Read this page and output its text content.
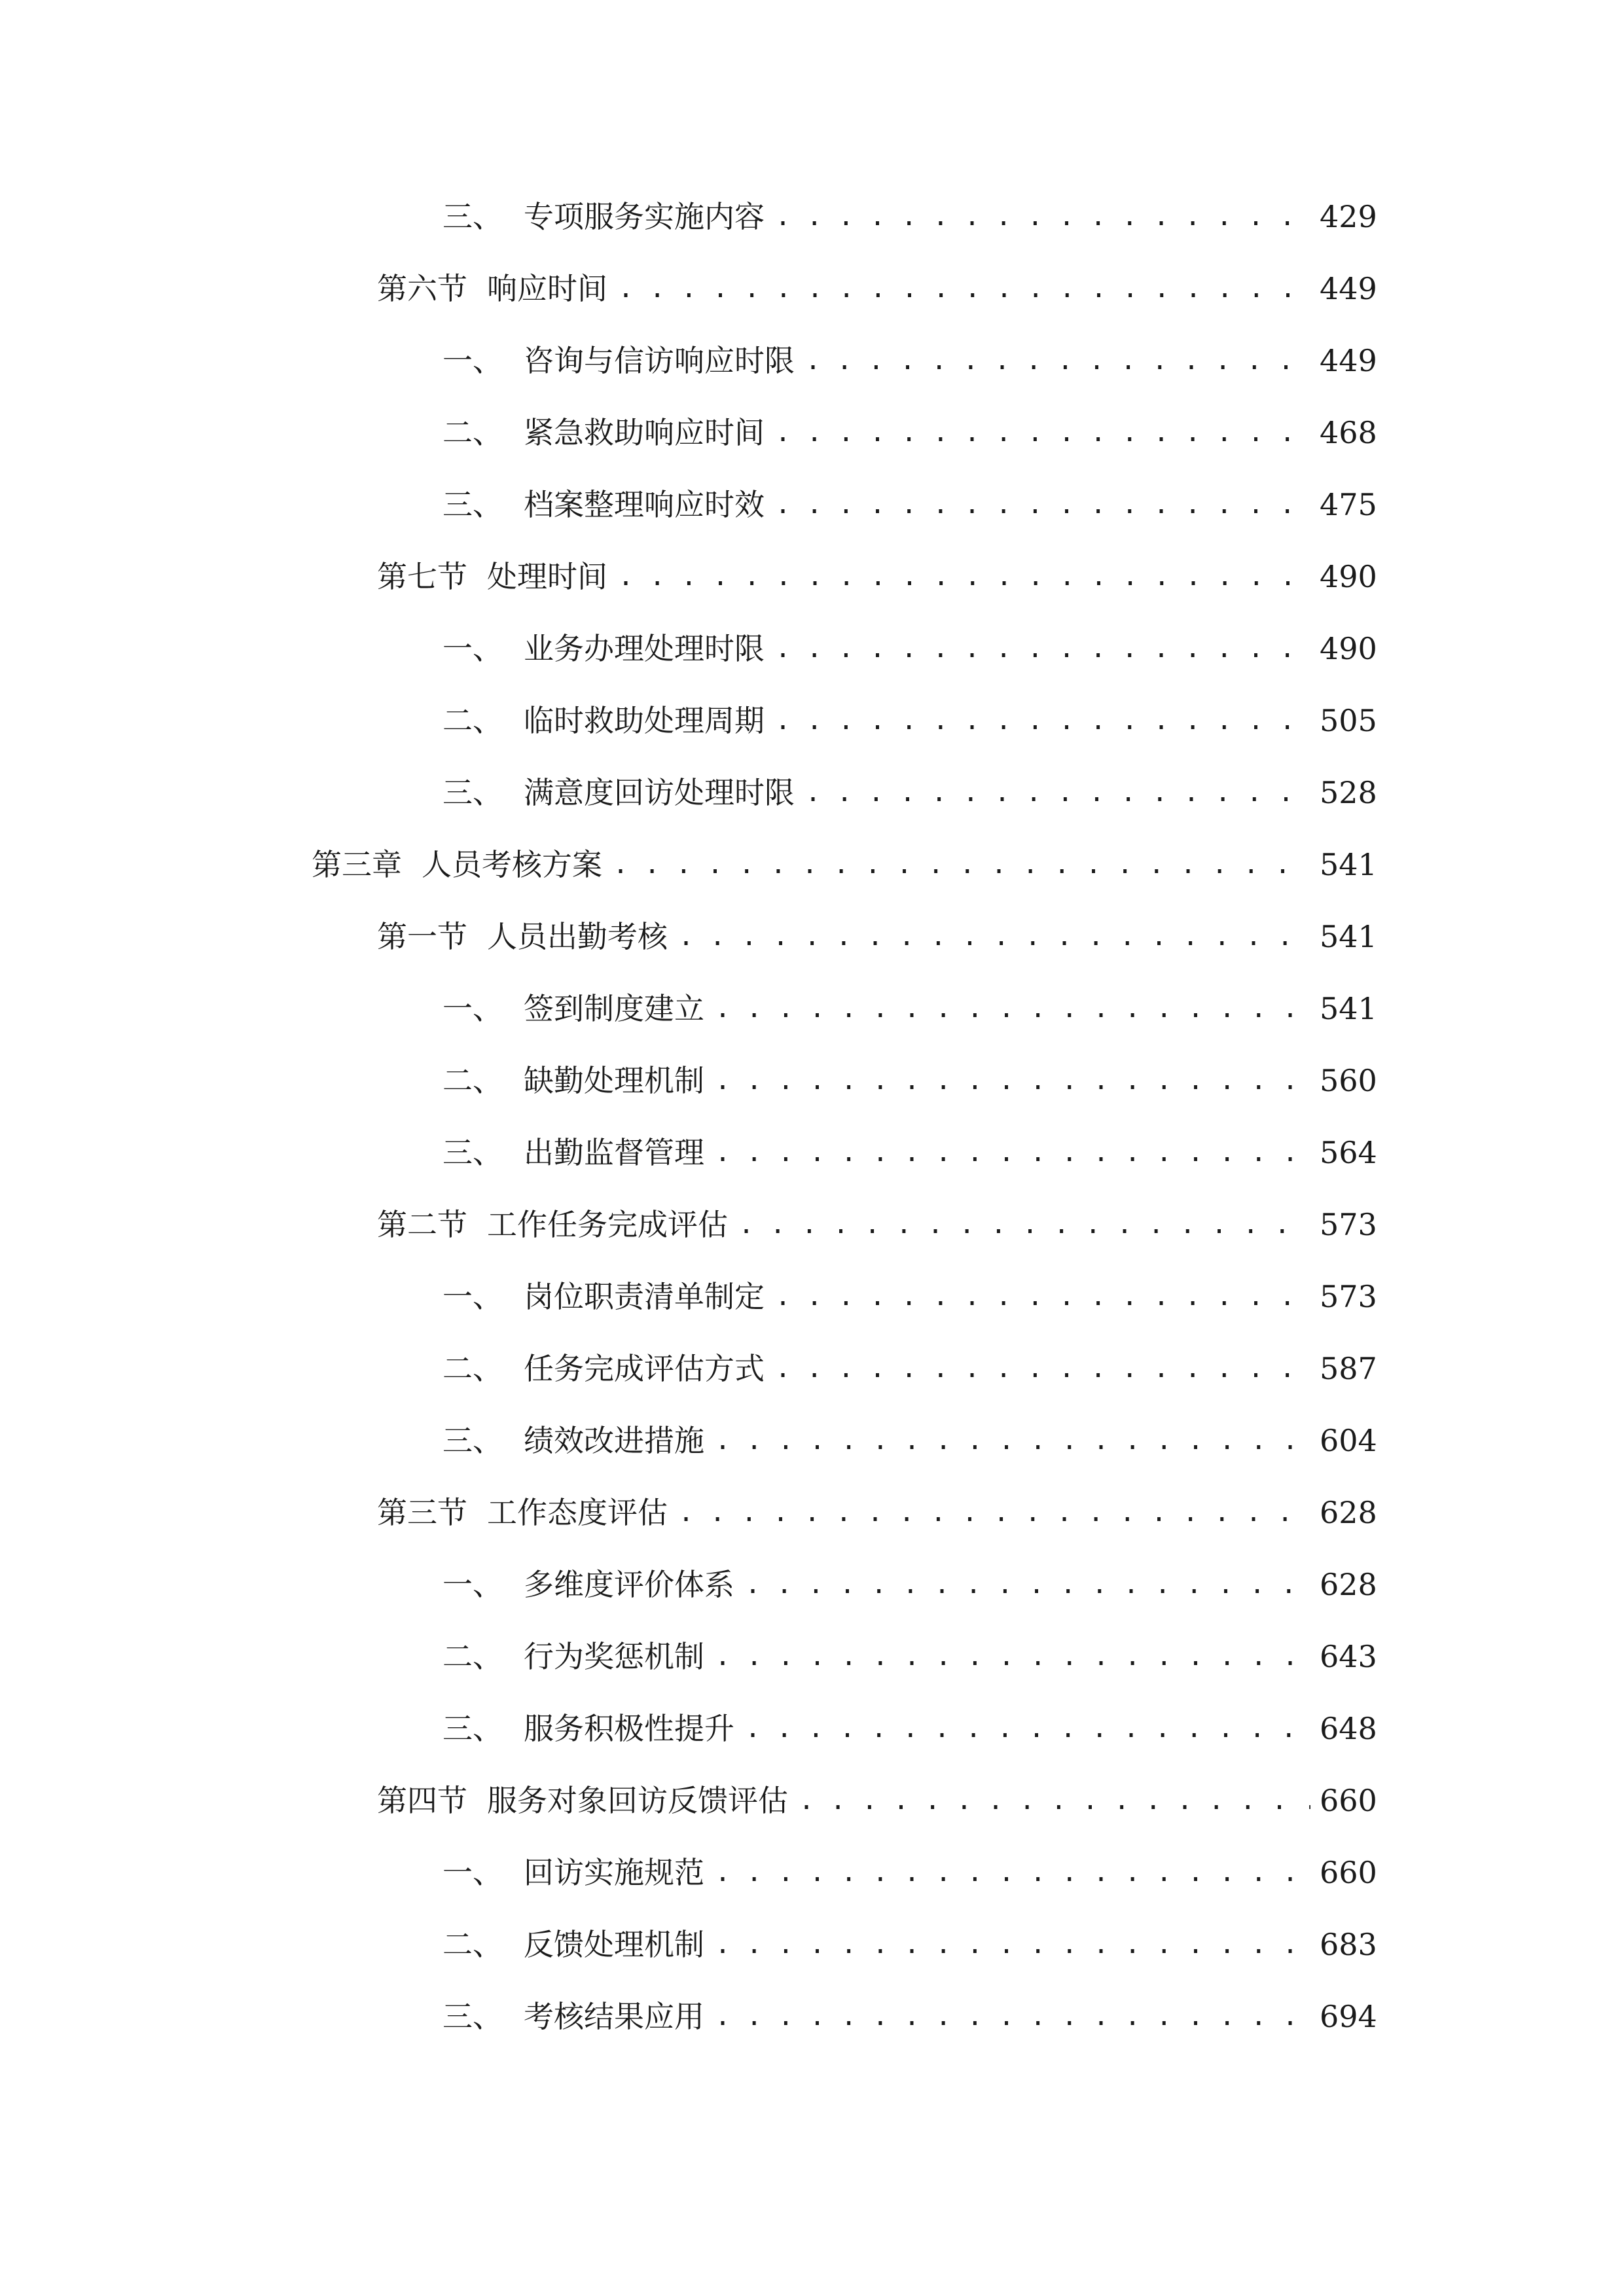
三、 专项服务实施内容 . . .	429
第六节 响应时间 . . .	449
一、 咨询与信访响应时限 . . .	449
二、 紧急救助响应时间 . . .	468
三、 档案整理响应时效 . . .	475
第七节 处理时间 . . .	490
一、 业务办理处理时限 . . .	490
二、 临时救助处理周期 . . .	505
三、 满意度回访处理时限 . . .	528
第三章 人员考核方案 . . .	541
第一节 人员出勤考核 . . .	541
一、 签到制度建立 . . .	541
二、 缺勤处理机制 . . .	560
三、 出勤监督管理 . . .	564
第二节 工作任务完成评估 . . .	573
一、 岗位职责清单制定 . . .	573
二、 任务完成评估方式 . . .	587
三、 绩效改进措施 . . .	604
第三节 工作态度评估 . . .	628
一、 多维度评价体系 . . .	628
二、 行为奖惩机制 . . .	643
三、 服务积极性提升 . . .	648
第四节 服务对象回访反馈评估 . . .	660
一、 回访实施规范 . . .	660
二、 反馈处理机制 . . .	683
三、 考核结果应用 . . .	694
